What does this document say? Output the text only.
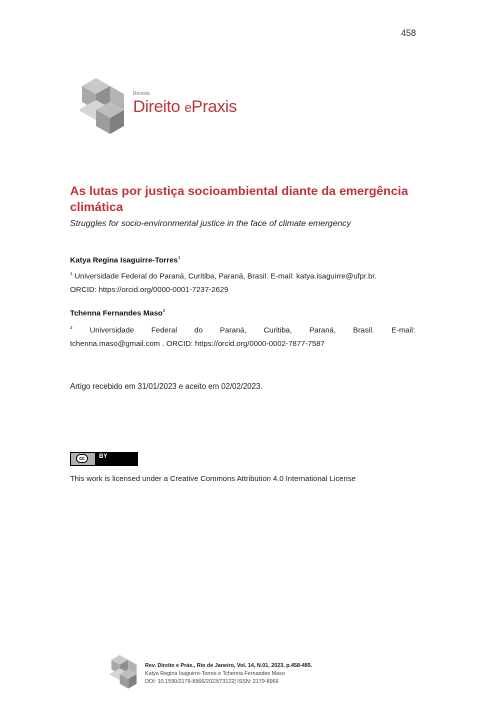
458
Revista
Direito ePraxis
As lutas por justiça socioambiental diante da emergência climática
Struggles for socio-environmental justice in the face of climate emergency
Katya Regina Isaguirre-Torres$^1$
$^1$ Universidade Federal do Paraná, Curitiba, Paraná, Brasil. E-mail: katya.isaguirre@ufpr.br.
ORCID: https://orcid.org/0000-0001-7237-2629
Tchenna Fernandes Maso$^2$
$^2$ Universidade Federal do Paraná, Curitiba, Paraná, Brasil. E-mail:
tchenna.maso@gmail.com . ORCID: https://orcid.org/0000-0002-7877-7587
Artigo recebido em 31/01/2023 e aceito em 02/02/2023.
cc	BY
This work is licensed under a Creative Commons Attribution 4.0 International License
Rev. Direito e Práx., Rio de Janeiro, Vol. 14, N.01, 2023, p.458-485.
Katya Regina Isaguirre-Torres e Tchenna Fernandes Maso
DOI: 10.1590/2179-8966/2023/73122| ISSN: 2179-8966
